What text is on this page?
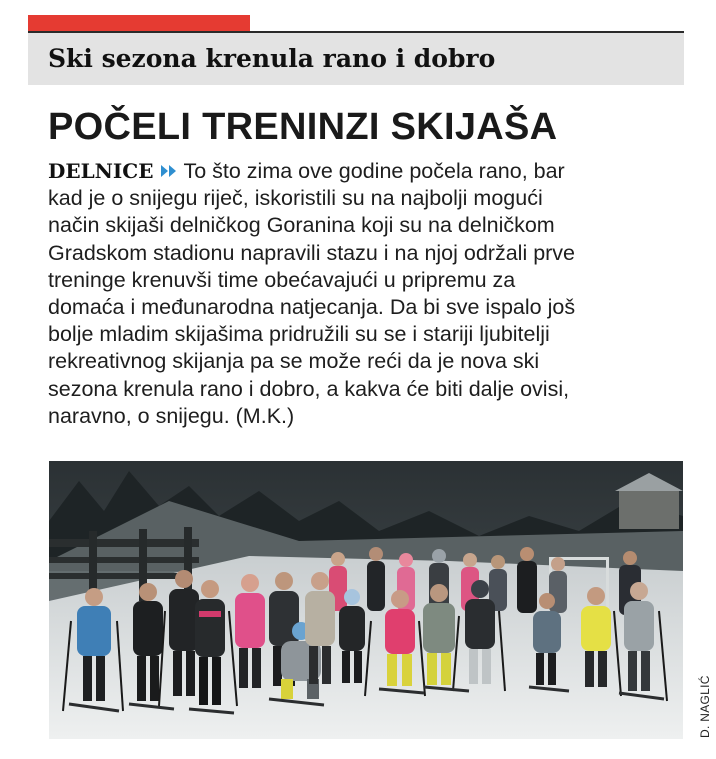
Ski sezona krenula rano i dobro
POČELI TRENINZI SKIJAŠA
DELNICE To što zima ove godine počela rano, bar
kad je o snijegu riječ, iskoristili su na najbolji mogući
način skijaši delničkog Goranina koji su na delničkom
Gradskom stadionu napravili stazu i na njoj održali prve
treninge krenuvši time obećavajući u pripremu za
domaća i međunarodna natjecanja. Da bi sve ispalo još
bolje mladim skijašima pridružili su se i stariji ljubitelji
rekreativnog skijanja pa se može reći da je nova ski
sezona krenula rano i dobro, a kakva će biti dalje ovisi,
naravno, o snijegu. (M.K.)
D. NAGLIĆ
